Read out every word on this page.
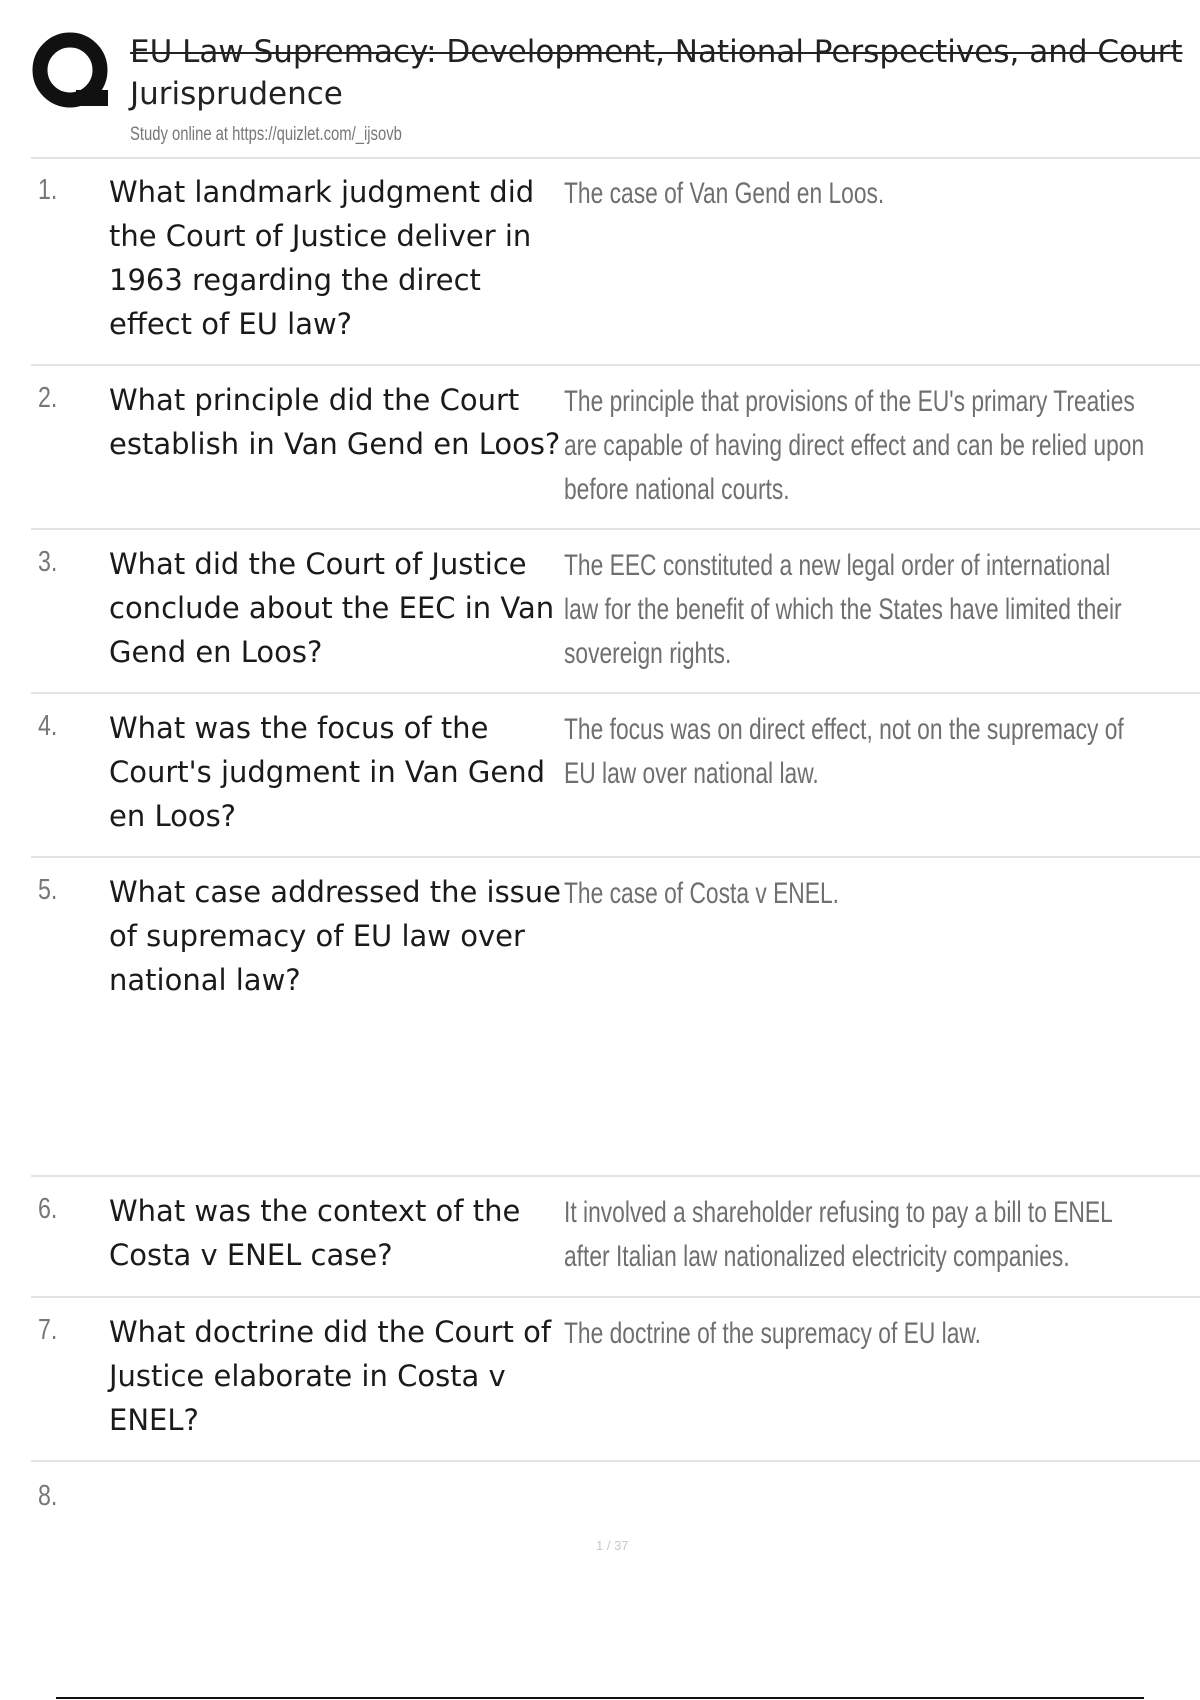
EU Law Supremacy: Development, National Perspectives, and Court Jurisprudence
Study online at https://quizlet.com/_ijsovb
1. What landmark judgment did the Court of Justice deliver in 1963 regarding the direct effect of EU law?
The case of Van Gend en Loos.
2. What principle did the Court establish in Van Gend en Loos?
The principle that provisions of the EU's primary Treaties are capable of having direct effect and can be relied upon before national courts.
3. What did the Court of Justice conclude about the EEC in Van Gend en Loos?
The EEC constituted a new legal order of international law for the benefit of which the States have limited their sovereign rights.
4. What was the focus of the Court's judgment in Van Gend en Loos?
The focus was on direct effect, not on the supremacy of EU law over national law.
5. What case addressed the issue of supremacy of EU law over national law?
The case of Costa v ENEL.
6. What was the context of the Costa v ENEL case?
It involved a shareholder refusing to pay a bill to ENEL after Italian law nationalized electricity companies.
7. What doctrine did the Court of Justice elaborate in Costa v ENEL?
The doctrine of the supremacy of EU law.
8.
1 / 37
